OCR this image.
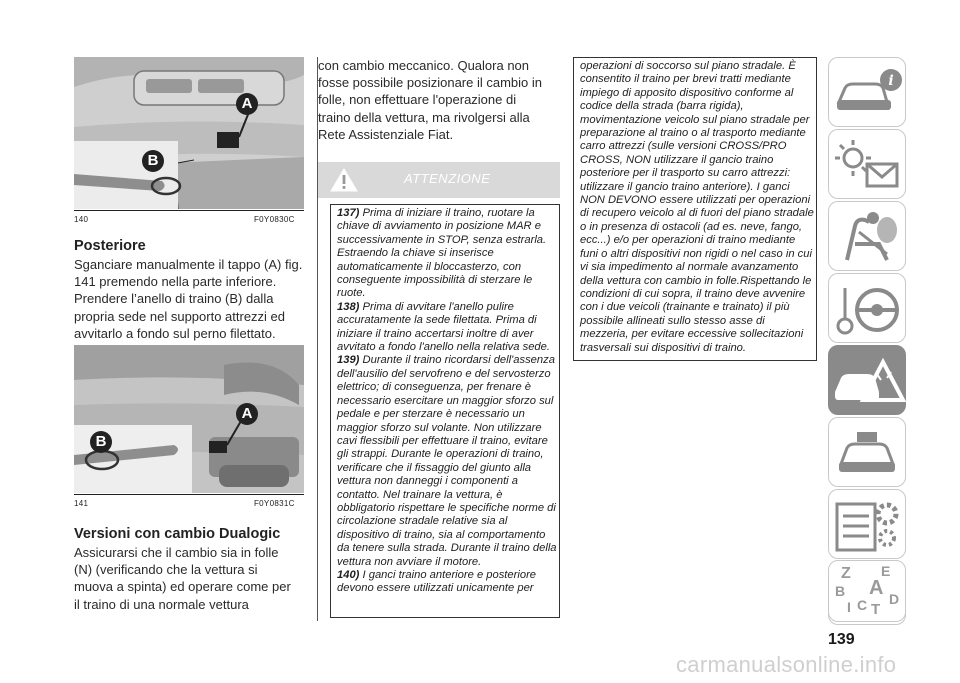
A
B
140	F0Y0830C
Posteriore

Sganciare manualmente il tappo (A) fig. 141 premendo nella parte inferiore. Prendere l’anello di traino (B) dalla propria sede nel supporto attrezzi ed avvitarlo a fondo sul perno filettato.

A
B
141	F0Y0831C
Versioni con cambio Dualogic

Assicurarsi che il cambio sia in folle (N) (verificando che la vettura si muova a spinta) ed operare come per il traino di una normale vettura

con cambio meccanico. Qualora non fosse possibile posizionare il cambio in folle, non effettuare l'operazione di traino della vettura, ma rivolgersi alla Rete Assistenziale Fiat.

ATTENZIONE

137) Prima di iniziare il traino, ruotare la chiave di avviamento in posizione MAR e successivamente in STOP, senza estrarla. Estraendo la chiave si inserisce automaticamente il bloccasterzo, con conseguente impossibilità di sterzare le ruote.

138) Prima di avvitare l'anello pulire accuratamente la sede filettata. Prima di iniziare il traino accertarsi inoltre di aver avvitato a fondo l'anello nella relativa sede.

139) Durante il traino ricordarsi dell'assenza dell'ausilio del servofreno e del servosterzo elettrico; di conseguenza, per frenare è necessario esercitare un maggior sforzo sul pedale e per sterzare è necessario un maggior sforzo sul volante. Non utilizzare cavi flessibili per effettuare il traino, evitare gli strappi. Durante le operazioni di traino, verificare che il fissaggio del giunto alla vettura non danneggi i componenti a contatto. Nel trainare la vettura, è obbligatorio rispettare le specifiche norme di circolazione stradale relative sia al dispositivo di traino, sia al comportamento da tenere sulla strada. Durante il traino della vettura non avviare il motore.

140) I ganci traino anteriore e posteriore devono essere utilizzati unicamente per

operazioni di soccorso sul piano stradale. È consentito il traino per brevi tratti mediante impiego di apposito dispositivo conforme al codice della strada (barra rigida), movimentazione veicolo sul piano stradale per preparazione al traino o al trasporto mediante carro attrezzi (sulle versioni CROSS/PRO CROSS, NON utilizzare il gancio traino posteriore per il trasporto su carro attrezzi: utilizzare il gancio traino anteriore). I ganci NON DEVONO essere utilizzati per operazioni di recupero veicolo al di fuori del piano stradale o in presenza di ostacoli (ad es. neve, fango, ecc...) e/o per operazioni di traino mediante funi o altri dispositivi non rigidi o nel caso in cui vi sia impedimento al normale avanzamento della vettura con cambio in folle.Rispettando le condizioni di cui sopra, il traino deve avvenire con i due veicoli (trainante e trainato) il più possibile allineati sullo stesso asse di mezzeria, per evitare eccessive sollecitazioni trasversali sui dispositivi di traino.

i
Z E
B A
I C T
D
139
carmanualsonline.info
